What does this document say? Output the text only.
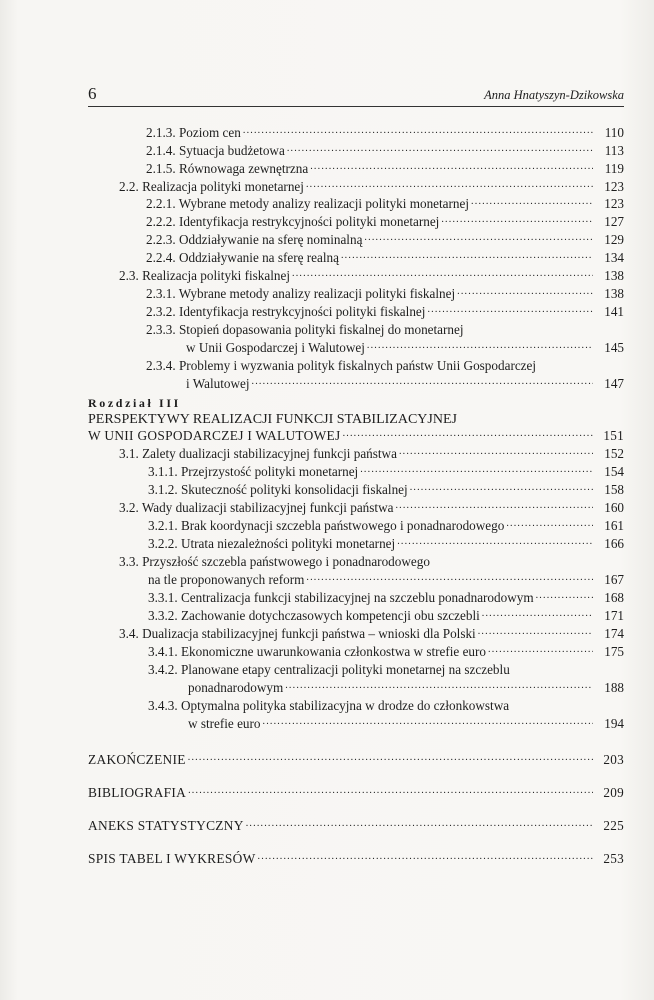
6	Anna Hnatyszyn-Dzikowska
2.1.3. Poziom cen .....	110
2.1.4. Sytuacja budżetowa .....	113
2.1.5. Równowaga zewnętrzna .....	119
2.2. Realizacja polityki monetarnej .....	123
2.2.1. Wybrane metody analizy realizacji polityki monetarnej .....	123
2.2.2. Identyfikacja restrykcyjności polityki monetarnej .....	127
2.2.3. Oddziaływanie na sferę nominalną .....	129
2.2.4. Oddziaływanie na sferę realną .....	134
2.3. Realizacja polityki fiskalnej .....	138
2.3.1. Wybrane metody analizy realizacji polityki fiskalnej .....	138
2.3.2. Identyfikacja restrykcyjności polityki fiskalnej .....	141
2.3.3. Stopień dopasowania polityki fiskalnej do monetarnej
w Unii Gospodarczej i Walutowej .....	145
2.3.4. Problemy i wyzwania polityk fiskalnych państw Unii Gospodarczej
i Walutowej .....	147
Rozdział III
PERSPEKTYWY REALIZACJI FUNKCJI STABILIZACYJNEJ
W UNII GOSPODARCZEJ I WALUTOWEJ .....	151
3.1. Zalety dualizacji stabilizacyjnej funkcji państwa .....	152
3.1.1. Przejrzystość polityki monetarnej .....	154
3.1.2. Skuteczność polityki konsolidacji fiskalnej .....	158
3.2. Wady dualizacji stabilizacyjnej funkcji państwa .....	160
3.2.1. Brak koordynacji szczebla państwowego i ponadnarodowego .....	161
3.2.2. Utrata niezależności polityki monetarnej .....	166
3.3. Przyszłość szczebla państwowego i ponadnarodowego
na tle proponowanych reform .....	167
3.3.1. Centralizacja funkcji stabilizacyjnej na szczeblu ponadnarodowym .....	168
3.3.2. Zachowanie dotychczasowych kompetencji obu szczebli .....	171
3.4. Dualizacja stabilizacyjnej funkcji państwa – wnioski dla Polski .....	174
3.4.1. Ekonomiczne uwarunkowania członkostwa w strefie euro .....	175
3.4.2. Planowane etapy centralizacji polityki monetarnej na szczeblu
ponadnarodowym .....	188
3.4.3. Optymalna polityka stabilizacyjna w drodze do członkowstwa
w strefie euro .....	194
ZAKOŃCZENIE .....	203
BIBLIOGRAFIA .....	209
ANEKS STATYSTYCZNY .....	225
SPIS TABEL I WYKRESÓW .....	253
